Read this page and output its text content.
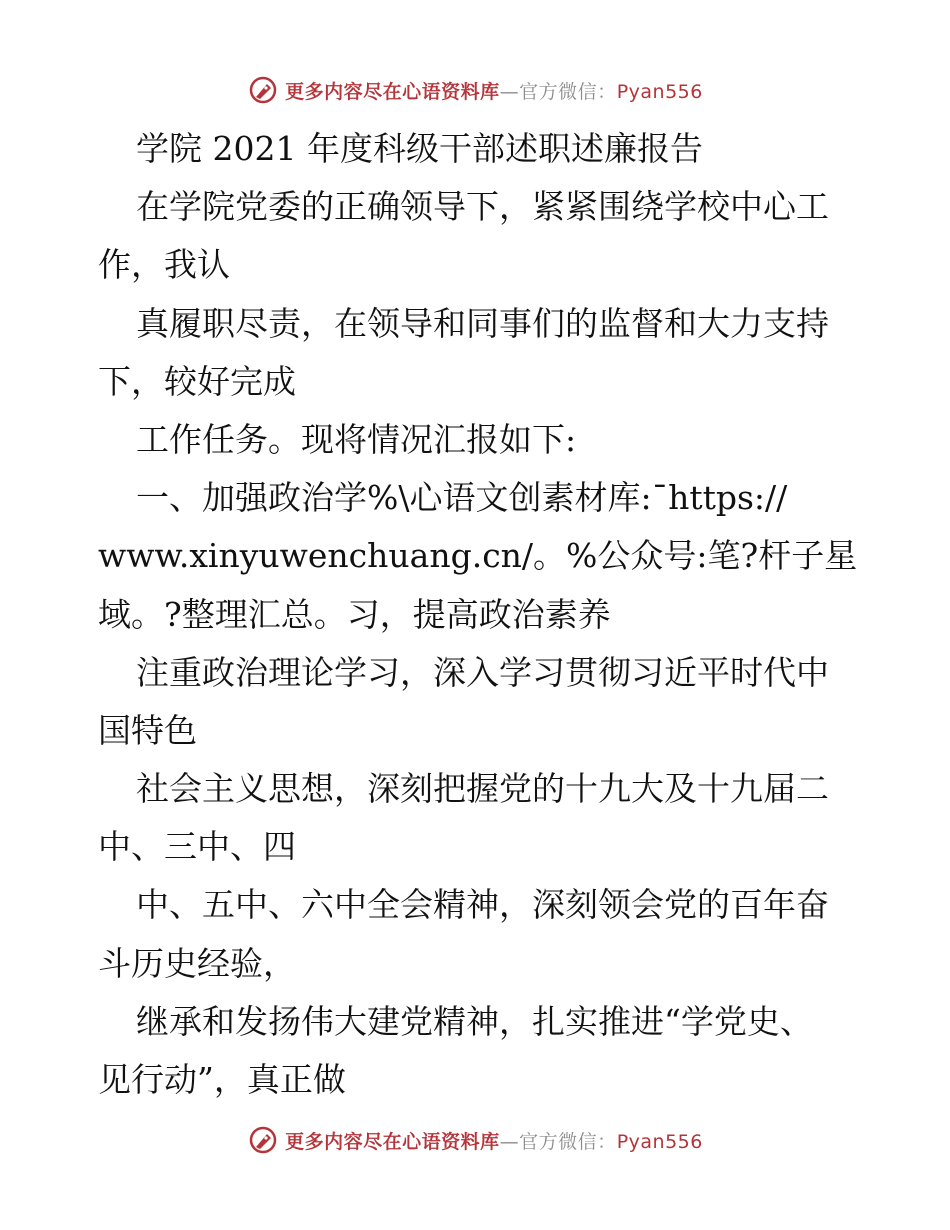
更多内容尽在心语资料库—官方微信：Pyan556
学院 2021 年度科级干部述职述廉报告
在学院党委的正确领导下，紧紧围绕学校中心工
作，我认
真履职尽责，在领导和同事们的监督和大力支持
下，较好完成
工作任务。现将情况汇报如下:
一、加强政治学%\心语文创素材库:¯https://
www.xinyuwenchuang.cn/。%公众号:笔?杆子星
域。?整理汇总。习，提高政治素养
注重政治理论学习，深入学习贯彻习近平时代中
国特色
社会主义思想，深刻把握党的十九大及十九届二
中、三中、四
中、五中、六中全会精神，深刻领会党的百年奋
斗历史经验，
继承和发扬伟大建党精神，扎实推进“学党史、
见行动”，真正做
更多内容尽在心语资料库—官方微信：Pyan556
